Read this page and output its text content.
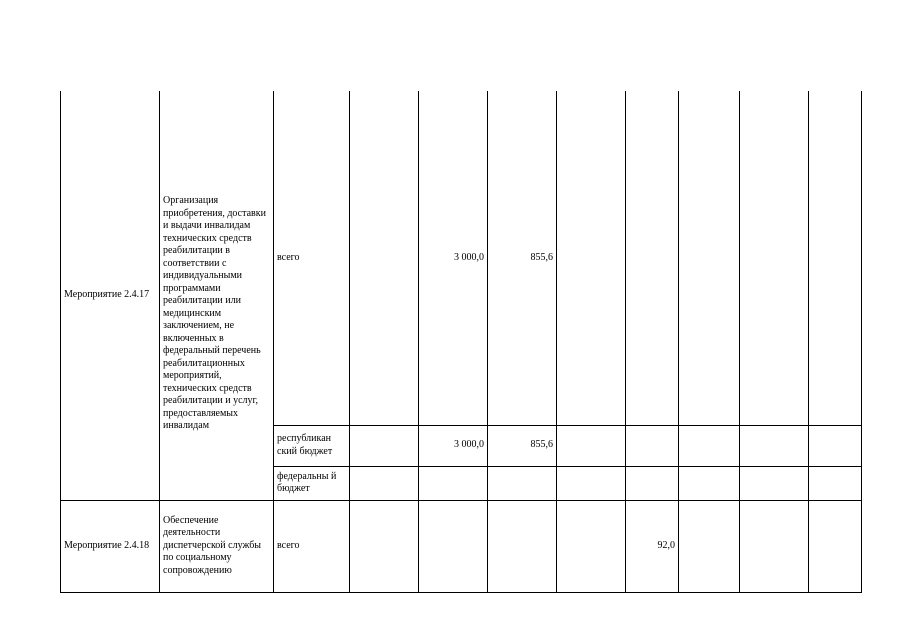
Мероприятие 2.4.17	Организация приобретения, доставки и выдачи инвалидам технических средств реабилитации в соответствии с индивидуальными программами реабилитации или медицинским заключением, не включенных в федеральный перечень реабилитационных мероприятий, технических средств реабилитации и услуг, предоставляемых инвалидам	всего		3 000,0	855,6					
		республикан ский бюджет		3 000,0	855,6					
		федеральны й бюджет								
Мероприятие 2.4.18	Обеспечение деятельности диспетчерской службы по социальному сопровождению	всего					92,0			
